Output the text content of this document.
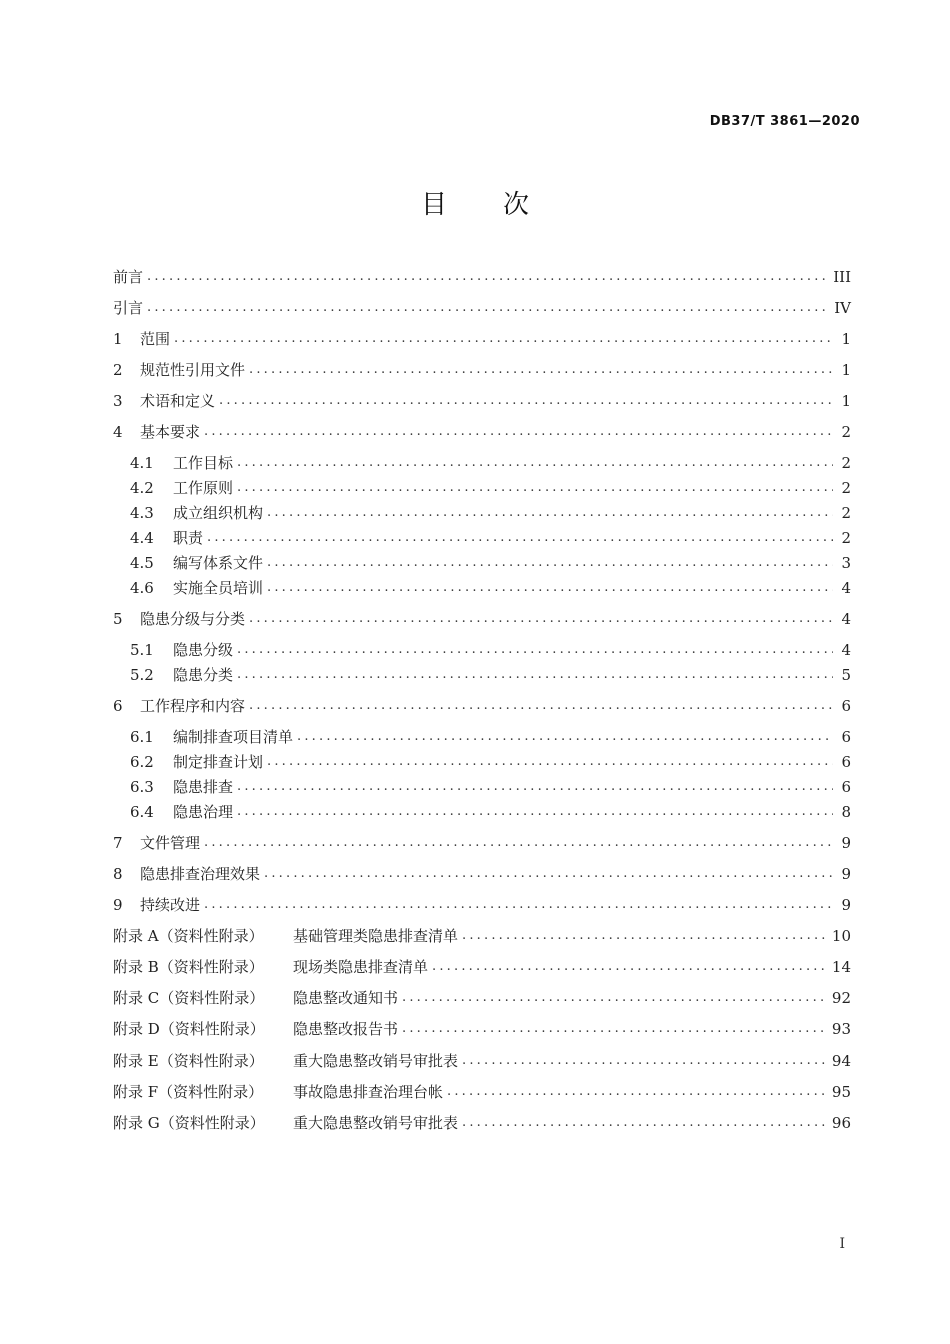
DB37/T 3861—2020
目次
前言 .....	III
引言 .....	IV
1	范围 .....	1
2	规范性引用文件 .....	1
3	术语和定义 .....	1
4	基本要求 .....	2
4.1	工作目标 .....	2
4.2	工作原则 .....	2
4.3	成立组织机构 .....	2
4.4	职责 .....	2
4.5	编写体系文件 .....	3
4.6	实施全员培训 .....	4
5	隐患分级与分类 .....	4
5.1	隐患分级 .....	4
5.2	隐患分类 .....	5
6	工作程序和内容 .....	6
6.1	编制排查项目清单 .....	6
6.2	制定排查计划 .....	6
6.3	隐患排查 .....	6
6.4	隐患治理 .....	8
7	文件管理 .....	9
8	隐患排查治理效果 .....	9
9	持续改进 .....	9
附录 A（资料性附录）	基础管理类隐患排查清单 .....	10
附录 B（资料性附录）	现场类隐患排查清单 .....	14
附录 C（资料性附录）	隐患整改通知书 .....	92
附录 D（资料性附录）	隐患整改报告书 .....	93
附录 E（资料性附录）	重大隐患整改销号审批表 .....	94
附录 F（资料性附录）	事故隐患排查治理台帐 .....	95
附录 G（资料性附录）	重大隐患整改销号审批表 .....	96
I
